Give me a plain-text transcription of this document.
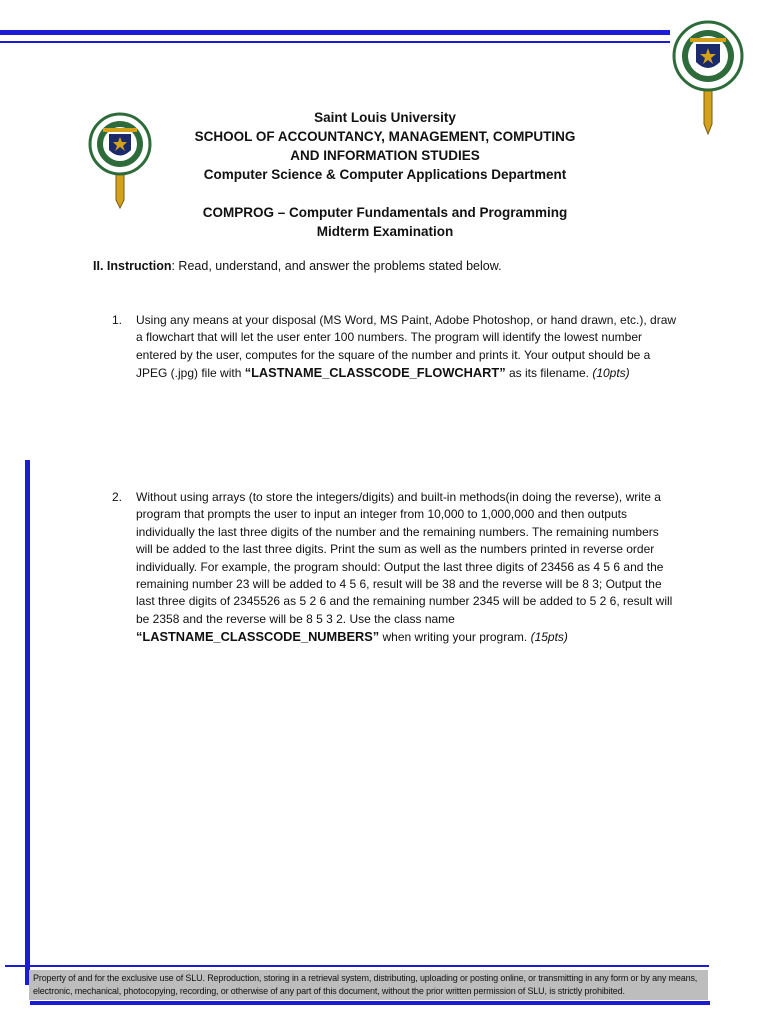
Saint Louis University
SCHOOL OF ACCOUNTANCY, MANAGEMENT, COMPUTING
AND INFORMATION STUDIES
Computer Science & Computer Applications Department
COMPROG – Computer Fundamentals and Programming
Midterm Examination
II. Instruction: Read, understand, and answer the problems stated below.
1. Using any means at your disposal (MS Word, MS Paint, Adobe Photoshop, or hand drawn, etc.), draw a flowchart that will let the user enter 100 numbers. The program will identify the lowest number entered by the user, computes for the square of the number and prints it. Your output should be a JPEG (.jpg) file with “LASTNAME_CLASSCODE_FLOWCHART” as its filename. (10pts)
2. Without using arrays (to store the integers/digits) and built-in methods(in doing the reverse), write a program that prompts the user to input an integer from 10,000 to 1,000,000 and then outputs individually the last three digits of the number and the remaining numbers. The remaining numbers will be added to the last three digits. Print the sum as well as the numbers printed in reverse order individually. For example, the program should: Output the last three digits of 23456 as 4 5 6 and the remaining number 23 will be added to 4 5 6, result will be 38 and the reverse will be 8 3; Output the last three digits of 2345526 as 5 2 6 and the remaining number 2345 will be added to 5 2 6, result will be 2358 and the reverse will be 8 5 3 2. Use the class name “LASTNAME_CLASSCODE_NUMBERS” when writing your program. (15pts)
Property of and for the exclusive use of SLU. Reproduction, storing in a retrieval system, distributing, uploading or posting online, or transmitting in any form or by any means, electronic, mechanical, photocopying, recording, or otherwise of any part of this document, without the prior written permission of SLU, is strictly prohibited.
